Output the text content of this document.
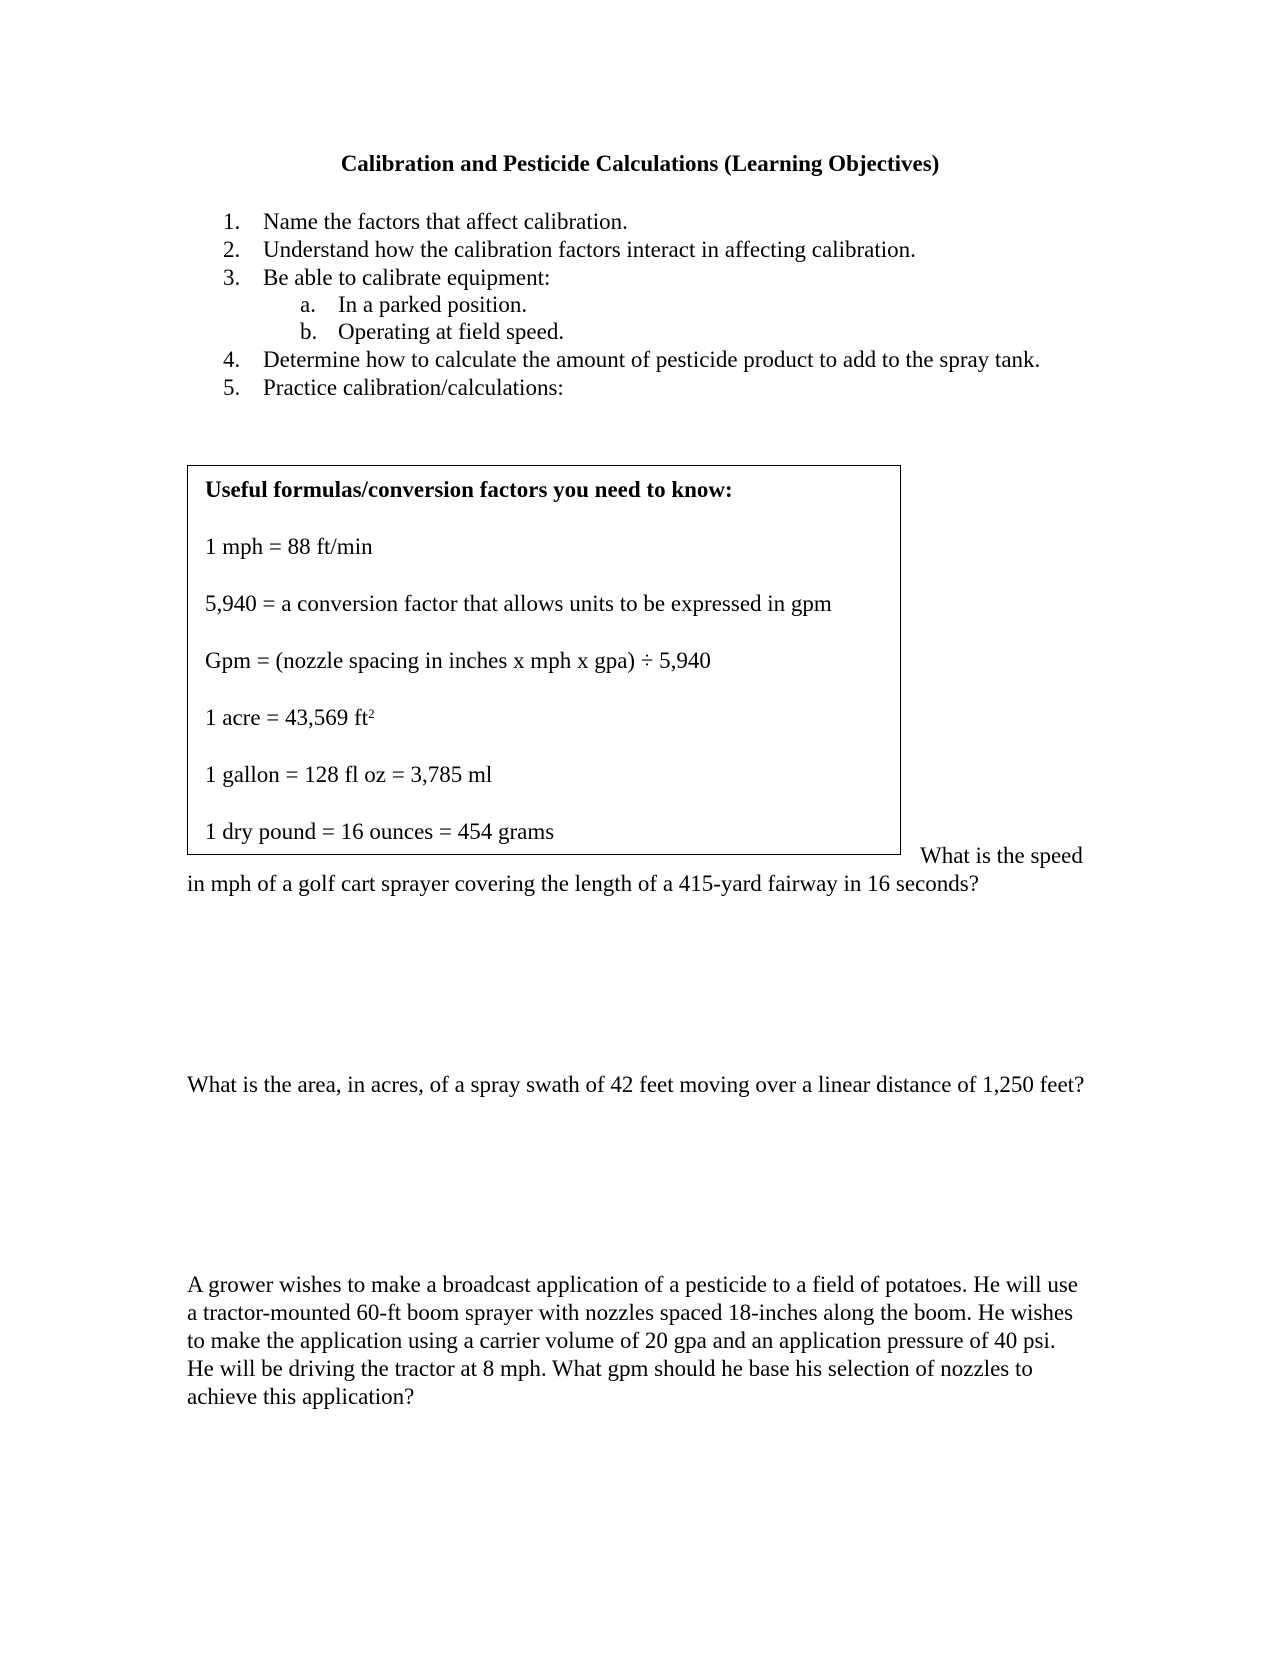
Calibration and Pesticide Calculations (Learning Objectives)
1. Name the factors that affect calibration.
2. Understand how the calibration factors interact in affecting calibration.
3. Be able to calibrate equipment:
a. In a parked position.
b. Operating at field speed.
4. Determine how to calculate the amount of pesticide product to add to the spray tank.
5. Practice calibration/calculations:

Useful formulas/conversion factors you need to know:

1 mph = 88 ft/min

5,940 = a conversion factor that allows units to be expressed in gpm

Gpm = (nozzle spacing in inches x mph x gpa) ÷ 5,940

1 acre = 43,569 $ft^2$

1 gallon = 128 fl oz = 3,785 ml

1 dry pound = 16 ounces = 454 grams

What is the speed in mph of a golf cart sprayer covering the length of a 415-yard fairway in 16 seconds?

What is the area, in acres, of a spray swath of 42 feet moving over a linear distance of 1,250 feet?

A grower wishes to make a broadcast application of a pesticide to a field of potatoes. He will use a tractor-mounted 60-ft boom sprayer with nozzles spaced 18-inches along the boom. He wishes to make the application using a carrier volume of 20 gpa and an application pressure of 40 psi. He will be driving the tractor at 8 mph. What gpm should he base his selection of nozzles to achieve this application?
